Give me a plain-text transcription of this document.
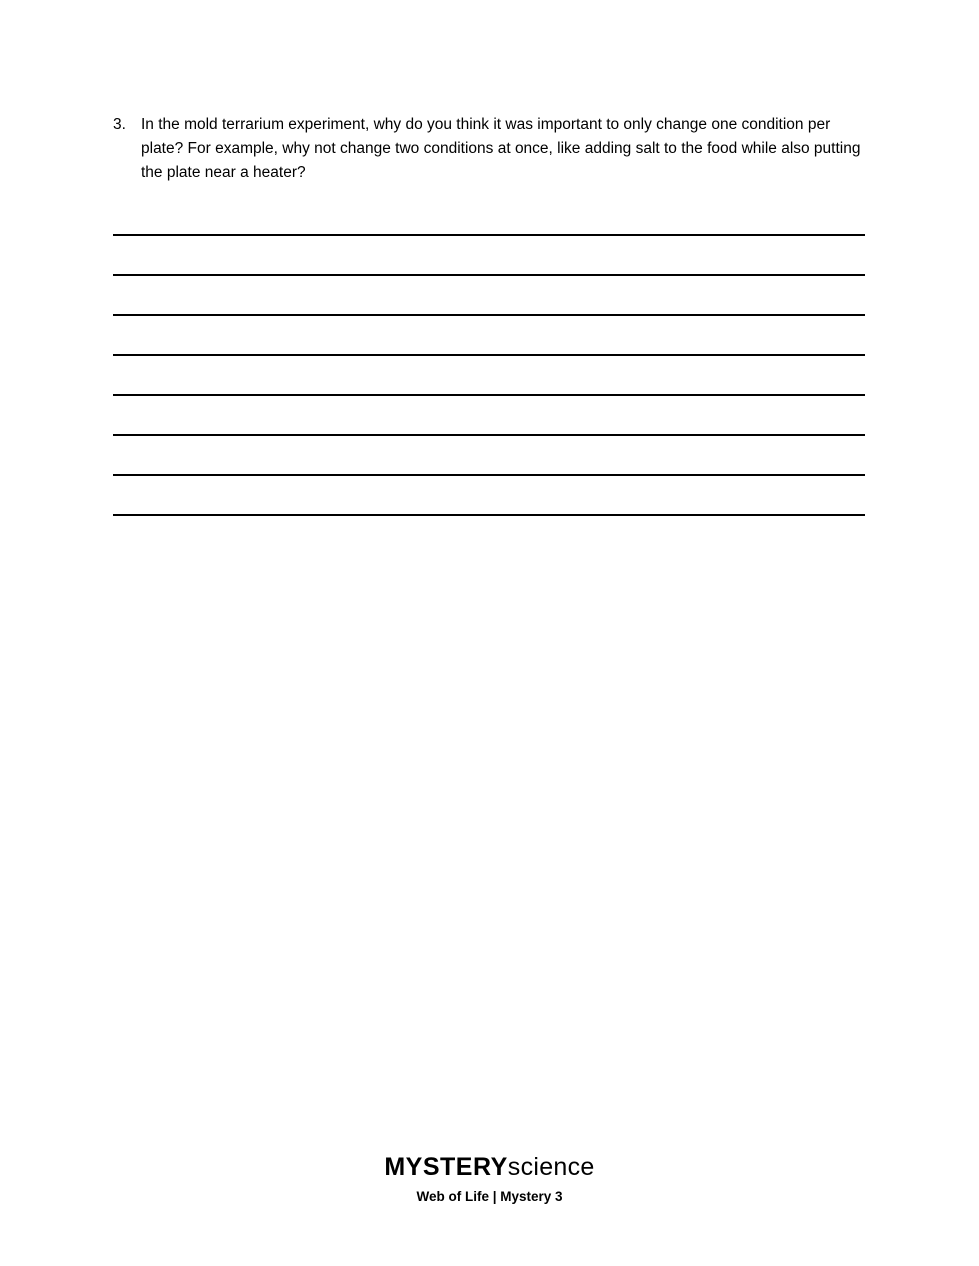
3. In the mold terrarium experiment, why do you think it was important to only change one condition per plate? For example, why not change two conditions at once, like adding salt to the food while also putting the plate near a heater?
MYSTERYscience
Web of Life | Mystery 3
